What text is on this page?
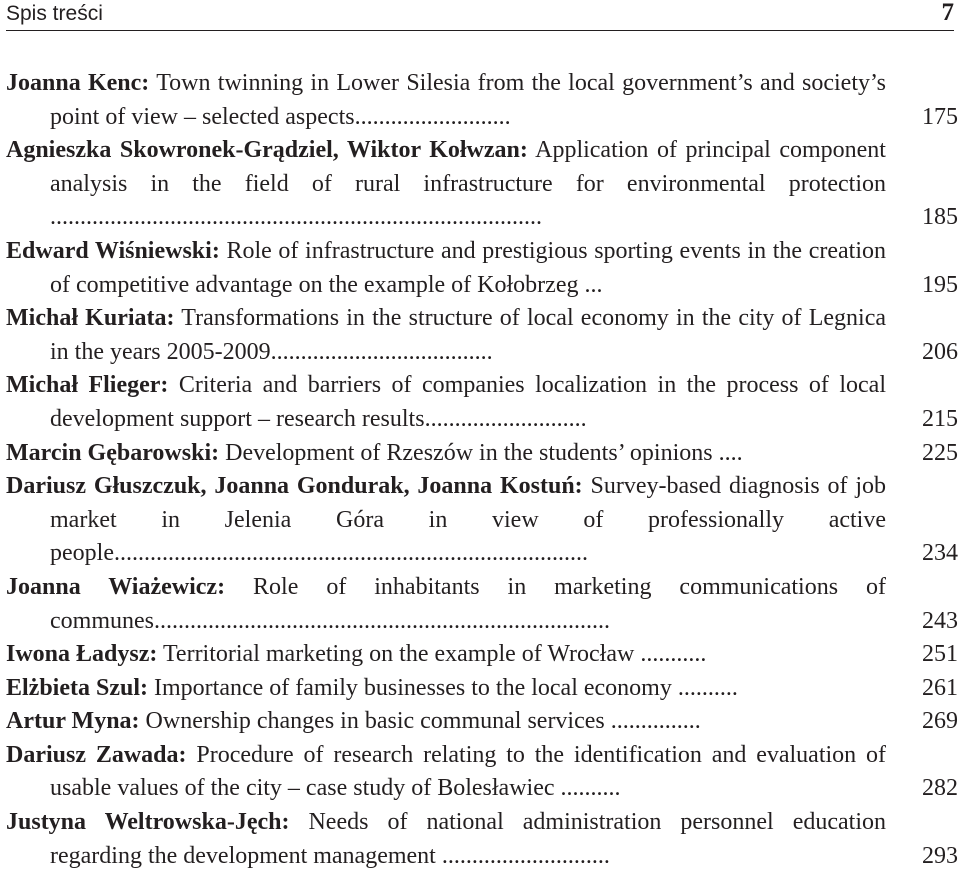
Spis treści	7
Joanna Kenc: Town twinning in Lower Silesia from the local government’s and society’s point of view – selected aspects..........................	175
Agnieszka Skowronek-Grądziel, Wiktor Kołwzan: Application of principal component analysis in the field of rural infrastructure for environmental protection ..................................................................................	185
Edward Wiśniewski: Role of infrastructure and prestigious sporting events in the creation of competitive advantage on the example of Kołobrzeg ...	195
Michał Kuriata: Transformations in the structure of local economy in the city of Legnica in the years 2005-2009.....................................	206
Michał Flieger: Criteria and barriers of companies localization in the process of local development support – research results...........................	215
Marcin Gębarowski: Development of Rzeszów in the students’ opinions ....	225
Dariusz Głuszczuk, Joanna Gondurak, Joanna Kostuń: Survey-based diagnosis of job market in Jelenia Góra in view of professionally active people...............................................................................	234
Joanna Wiażewicz: Role of inhabitants in marketing communications of communes............................................................................	243
Iwona Ładysz: Territorial marketing on the example of Wrocław ...........	251
Elżbieta Szul: Importance of family businesses to the local economy ..........	261
Artur Myna: Ownership changes in basic communal services ...............	269
Dariusz Zawada: Procedure of research relating to the identification and evaluation of usable values of the city – case study of Bolesławiec ..........	282
Justyna Weltrowska-Jęch: Needs of national administration personnel education regarding the development management ............................	293
